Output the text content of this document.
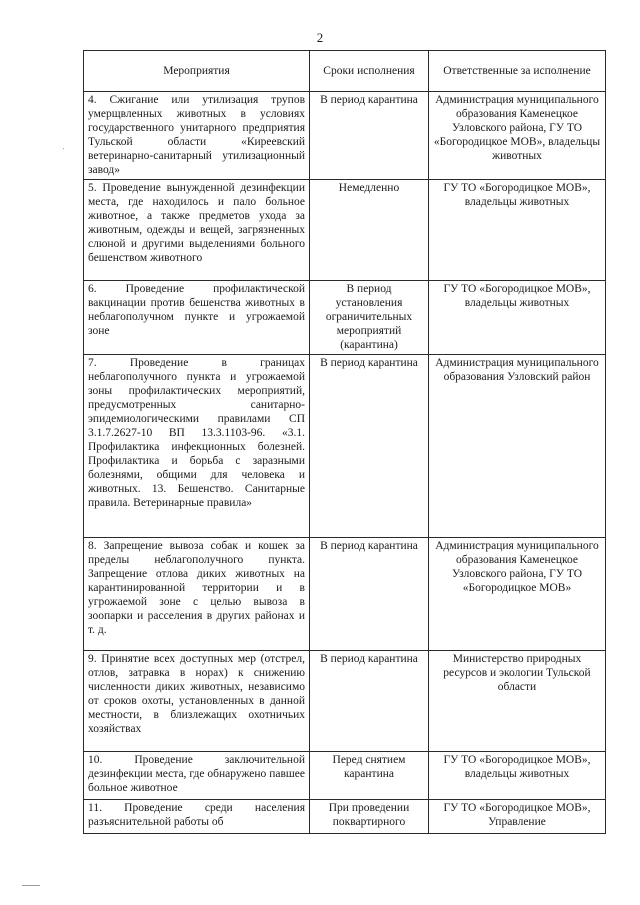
2
Мероприятия	Сроки исполнения	Ответственные за исполнение
4. Сжигание или утилизация трупов умерщвленных животных в условиях государственного унитарного предприятия Тульской области «Киреевский ветеринарно-санитарный утилизационный завод»	В период карантина	Администрация муниципального образования Каменецкое Узловского района, ГУ ТО «Богородицкое МОВ», владельцы животных
5. Проведение вынужденной дезинфекции места, где находилось и пало больное животное, а также предметов ухода за животным, одежды и вещей, загрязненных слюной и другими выделениями больного бешенством животного	Немедленно	ГУ ТО «Богородицкое МОВ», владельцы животных
6. Проведение профилактической вакцинации против бешенства животных в неблагополучном пункте и угрожаемой зоне	В период установления ограничительных мероприятий (карантина)	ГУ ТО «Богородицкое МОВ», владельцы животных
7. Проведение в границах неблагополучного пункта и угрожаемой зоны профилактических мероприятий, предусмотренных санитарно-эпидемиологическими правилами СП 3.1.7.2627-10 ВП 13.3.1103-96. «3.1. Профилактика инфекционных болезней. Профилактика и борьба с заразными болезнями, общими для человека и животных. 13. Бешенство. Санитарные правила. Ветеринарные правила»	В период карантина	Администрация муниципального образования Узловский район
8. Запрещение вывоза собак и кошек за пределы неблагополучного пункта. Запрещение отлова диких животных на карантинированной территории и в угрожаемой зоне с целью вывоза в зоопарки и расселения в других районах и т. д.	В период карантина	Администрация муниципального образования Каменецкое Узловского района, ГУ ТО «Богородицкое МОВ»
9. Принятие всех доступных мер (отстрел, отлов, затравка в норах) к снижению численности диких животных, независимо от сроков охоты, установленных в данной местности, в близлежащих охотничьих хозяйствах	В период карантина	Министерство природных ресурсов и экологии Тульской области
10. Проведение заключительной дезинфекции места, где обнаружено павшее больное животное	Перед снятием карантина	ГУ ТО «Богородицкое МОВ», владельцы животных
11. Проведение среди населения разъяснительной работы об	При проведении поквартирного	ГУ ТО «Богородицкое МОВ», Управление
